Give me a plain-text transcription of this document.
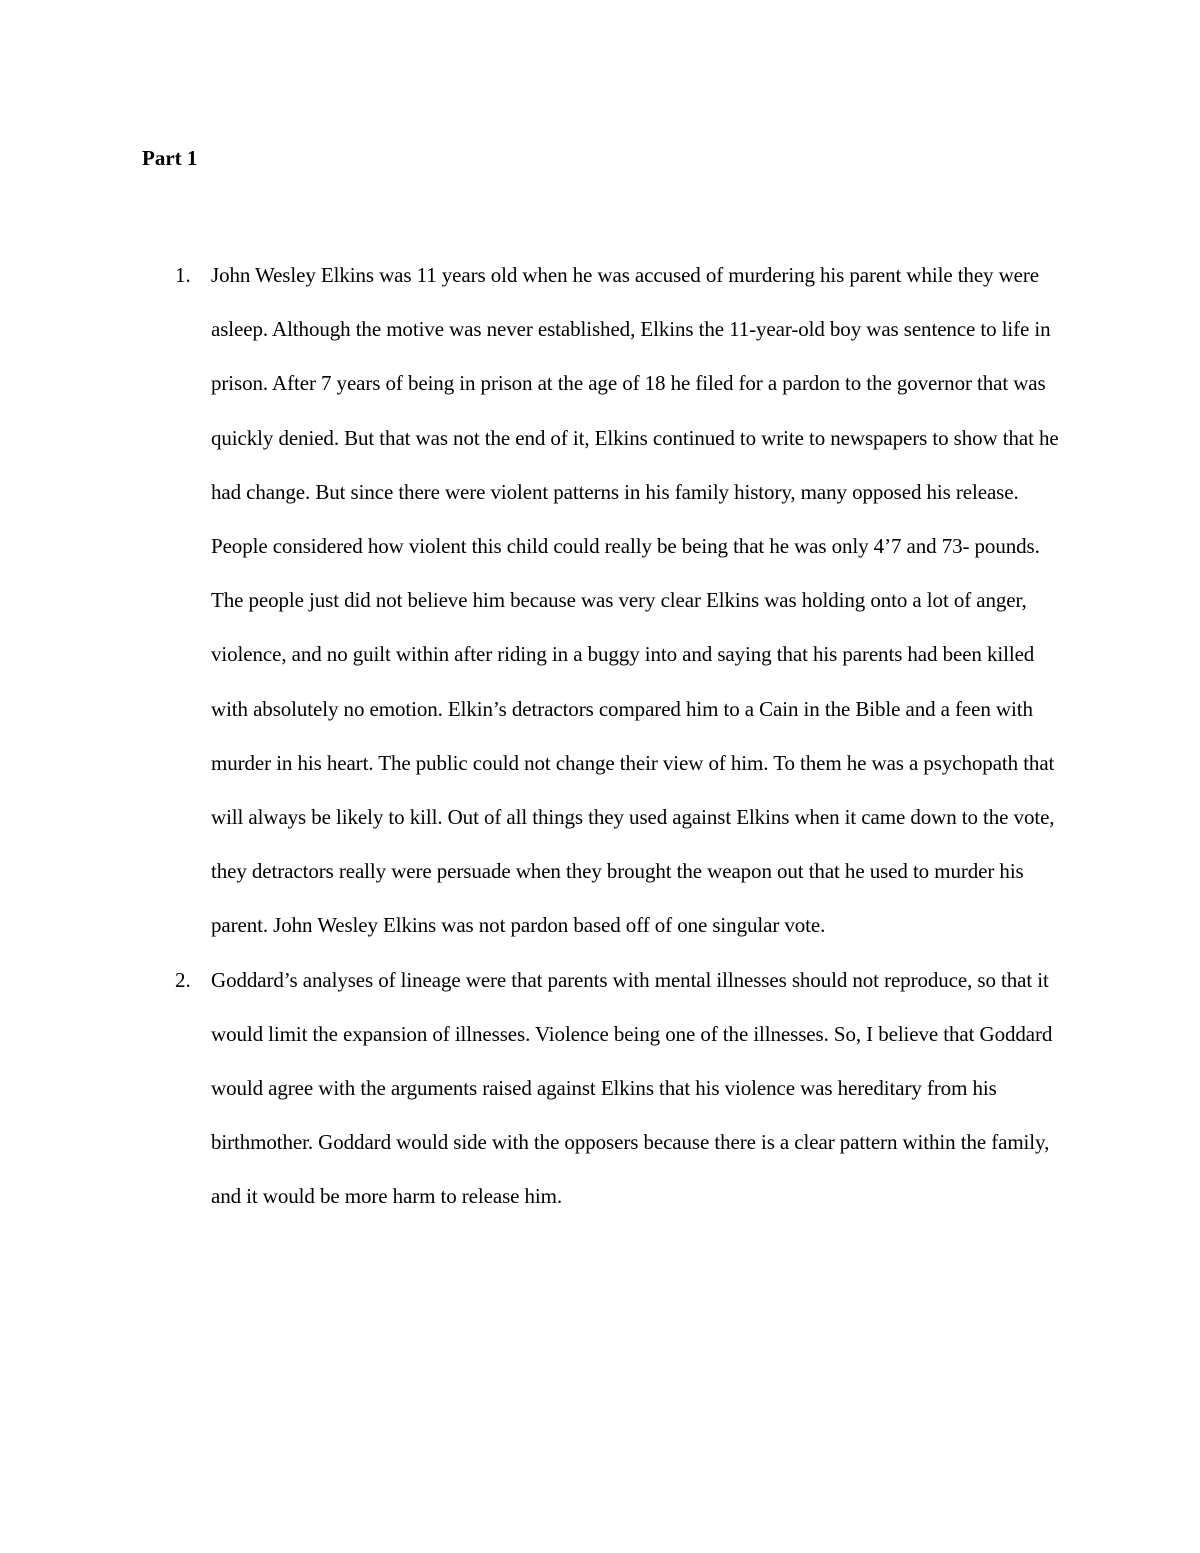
Part 1
1. John Wesley Elkins was 11 years old when he was accused of murdering his parent while they were asleep. Although the motive was never established, Elkins the 11-year-old boy was sentence to life in prison. After 7 years of being in prison at the age of 18 he filed for a pardon to the governor that was quickly denied. But that was not the end of it, Elkins continued to write to newspapers to show that he had change. But since there were violent patterns in his family history, many opposed his release. People considered how violent this child could really be being that he was only 4’7 and 73- pounds. The people just did not believe him because was very clear Elkins was holding onto a lot of anger, violence, and no guilt within after riding in a buggy into and saying that his parents had been killed with absolutely no emotion. Elkin’s detractors compared him to a Cain in the Bible and a feen with murder in his heart. The public could not change their view of him. To them he was a psychopath that will always be likely to kill. Out of all things they used against Elkins when it came down to the vote, they detractors really were persuade when they brought the weapon out that he used to murder his parent. John Wesley Elkins was not pardon based off of one singular vote.

2. Goddard’s analyses of lineage were that parents with mental illnesses should not reproduce, so that it would limit the expansion of illnesses. Violence being one of the illnesses. So, I believe that Goddard would agree with the arguments raised against Elkins that his violence was hereditary from his birthmother. Goddard would side with the opposers because there is a clear pattern within the family, and it would be more harm to release him.
